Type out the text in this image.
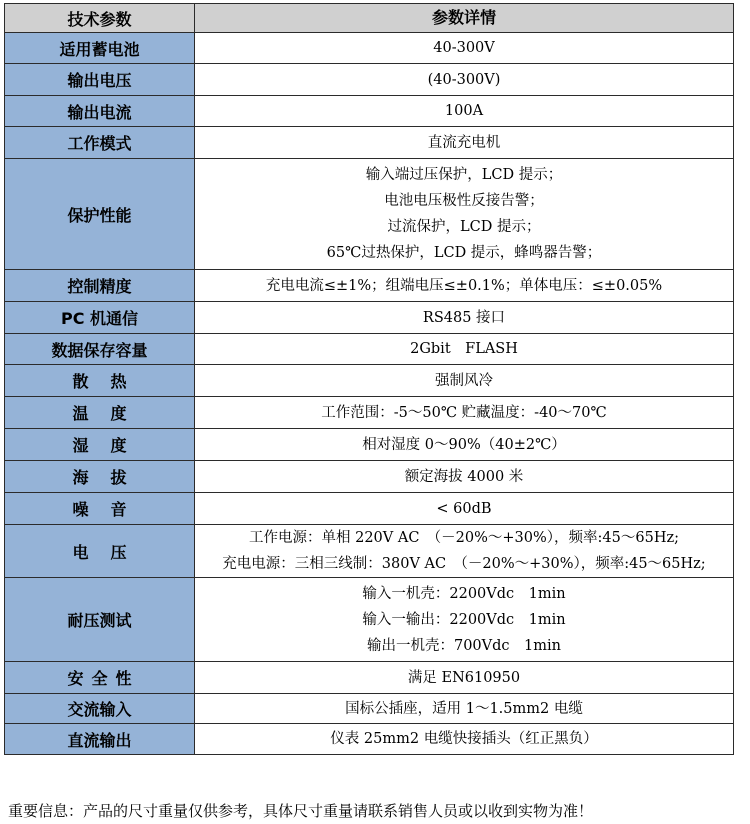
技术参数	参数详情
适用蓄电池	40-300V

输出电压	(40-300V)

输出电流	100A

工作模式	直流充电机

保护性能	输入端过压保护，LCD 提示；
电池电压极性反接告警；
过流保护，LCD 提示；
65℃过热保护，LCD 提示，蜂鸣器告警；

控制精度	充电电流≤±1%；组端电压≤±0.1%；单体电压：≤±0.05%

PC 机通信	RS485 接口

数据保存容量	2Gbit　FLASH

散热	强制风冷

温度	工作范围：-5～50℃ 贮藏温度：-40～70℃

湿度	相对湿度 0～90%（40±2℃）

海拔	额定海拔 4000 米

噪音	< 60dB

电压	工作电源：单相 220V AC　（－20%～+30%），频率:45～65Hz;
充电电源：三相三线制：380V AC　（－20%～+30%），频率:45～65Hz;

耐压测试	输入一机壳：2200Vdc　1min
输入一输出：2200Vdc　1min
输出一机壳：700Vdc　1min

安全性	满足 EN610950

交流输入	国标公插座，适用 1～1.5mm2 电缆

直流输出	仪表 25mm2 电缆快接插头（红正黑负）
重要信息：产品的尺寸重量仅供参考，具体尺寸重量请联系销售人员或以收到实物为准！
